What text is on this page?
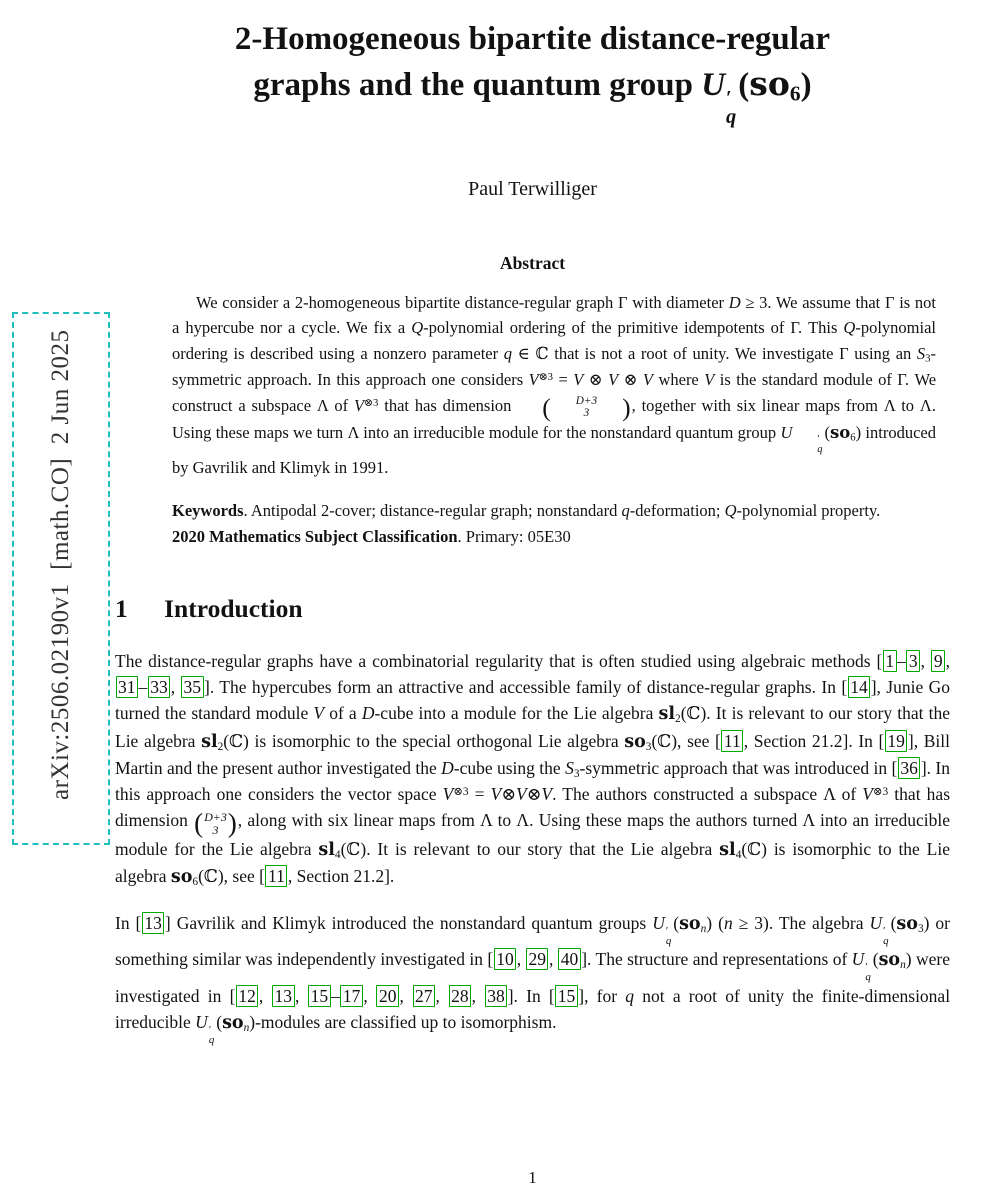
arXiv:2506.02190v1  [math.CO]  2 Jun 2025

2-Homogeneous bipartite distance-regular
graphs and the quantum group U ′
q
$(so_6)$
Paul Terwilliger
Abstract

We consider a 2-homogeneous bipartite distance-regular graph Γ with diameter D ≥ 3. We assume that Γ is not a hypercube nor a cycle. We fix a Q-polynomial ordering of the primitive idempotents of Γ. This Q-polynomial ordering is described using a nonzero parameter q ∈ ℂ that is not a root of unity. We investigate Γ using an $S_3$-symmetric approach. In this approach one considers $V^{\otimes 3} = V$ ⊗ V ⊗ V where V is the standard module of Γ. We construct a subspace Λ of $V^{\otimes 3}$ that has dimension (	D+3
3	) , together with six linear maps from Λ to Λ. Using these maps we turn Λ into an irreducible module for the nonstandard quantum group U	′
q
$(so_6)$ introduced by Gavrilik and Klimyk in 1991.

Keywords. Antipodal 2-cover; distance-regular graph; nonstandard q-deformation; Q-polynomial property.

2020 Mathematics Subject Classification. Primary: 05E30

1 Introduction

The distance-regular graphs have a combinatorial regularity that is often studied using algebraic methods [ 1 – 3 , 9 , 31 – 33 , 35 ]. The hypercubes form an attractive and accessible family of distance-regular graphs. In [ 14 ], Junie Go turned the standard module V of a D-cube into a module for the Lie algebra $sl_2(ℂ)$. It is relevant to our story that the Lie algebra $sl_2(ℂ)$ is isomorphic to the special orthogonal Lie algebra $so_3(ℂ)$, see [ 11 , Section 21.2]. In [ 19 ], Bill Martin and the present author investigated the D-cube using the $S_3$-symmetric approach that was introduced in [ 36 ]. In this approach one considers the vector space $V^{\otimes 3}$ = V⊗V⊗V. The authors constructed a subspace Λ of $V^{\otimes 3}$ that has dimension ( D+3
3 ) , along with six linear maps from Λ to Λ. Using these maps the authors turned Λ into an irreducible module for the Lie algebra $sl_4(ℂ)$. It is relevant to our story that the Lie algebra $sl_4(ℂ)$ is isomorphic to the Lie algebra $so_6(ℂ)$, see [ 11 , Section 21.2].

In [ 13 ] Gavrilik and Klimyk introduced the nonstandard quantum groups U ′
q
$(so_n) (n \ge 3)$. The algebra U ′
q
$(so_3)$ or something similar was independently investigated in [ 10 , 29 , 40 ]. The structure and representations of U ′
q
$(so_n)$ were investigated in [ 12 , 13 , 15 – 17 , 20 , 27 , 28 , 38 ]. In [ 15 ], for q not a root of unity the finite-dimensional irreducible U ′
q
$(so_n)$-modules are classified up to isomorphism.

1
